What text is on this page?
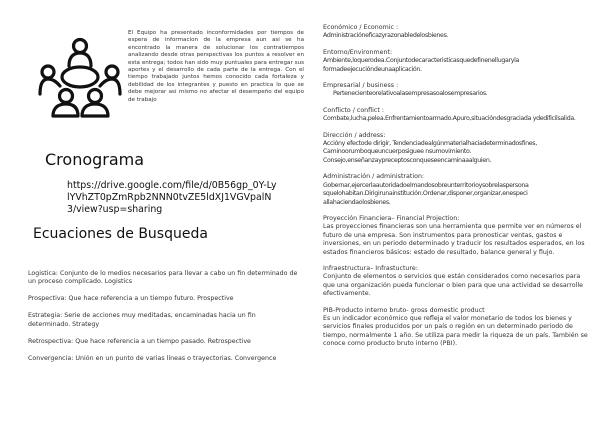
El Equipo ha presentado inconformidades por tiempos de espera de informacion de la empresa aun asi se ha encontrado la manera de solucionar los contratiempos analizando desde otras perspectivas los puntos a resolver en esta entrega; todos han sido muy puntuales para entregar sus aportes y el desarrollo de cada parte de la entrega. Con el tiempo trabajado juntos hemos conocido cada fortaleza y debilidad de los integrantes y puesto en practica lo que se debe mejorar asi mismo no afectar el desempeño del equipo de trabajo
Cronograma
https://drive.google.com/file/d/0B56gp_0Y-LylYVhZT0pZmRpb2NNN0tvZE5ldXJ1VGVpalN3/view?usp=sharing
Ecuaciones de Busqueda
Logistica: Conjunto de lo medios necesarios para llevar a cabo un fin determinado de un proceso complicado. Logistics
Prospectiva: Que hace referencia a un tiempo futuro. Prospective
Estrategia: Serie de acciones muy meditadas, encaminadas hacia un fin determinado. Strategy
Retrospectiva: Que hace referencia a un tiempo pasado. Retrospective
Convergencia: Unión en un punto de varias líneas o trayectorias. Convergence
Económico / Economic :
Administracióneficazyrazonabledelosbienes.
Entorno/Environment:
Ambiente,loquerodea.Conjuntodecaracteristicasquedefinenellugaryla formadeejecucióndeunaaplicación.
Empresarial / business :
Pertenecienteorelativoalasempresasoalosempresarios.
Conflicto / conflict :
Combate,lucha,pelea.Enfrentamientoarmado.Apuro,situacióndesgraciada ydedificilsalida.
Dirección / address:
Accióny efectode dirigir, Tendenciadealgúnmaterialhaciadeterminadosfines, Caminoorumboqueuncuerposiguee nsumovimiento. Consejo,enseñanzaypreceptosconqueseencaminaaalguien.
Administración / administration:
Gobernar,ejercerlaautoridadoelmandosobreunterritorioysobrelaspersona squelohabitan.Dirigirunainstitución.Ordenar,disponer,organizar,enespeci allahaciendaolosbienes.
Proyección Financiera– Financial Projection:
Las proyecciones financieras son una herramienta que permite ver en números el futuro de una empresa. Son instrumentos para pronosticar ventas, gastos e inversiones, en un periodo determinado y traducir los resultados esperados, en los estados financieros básicos: estado de resultado, balance general y flujo.
Infraestructura– Infrastucture:
Conjunto de elementos o servicios que están considerados como necesarios para que una organización pueda funcionar o bien para que una actividad se desarrolle efectivamente.
PIB-Producto interno bruto- gross domestic product
Es un indicador económico que refleja el valor monetario de todos los bienes y servicios finales producidos por un país o región en un determinado periodo de tiempo, normalmente 1 año. Se utiliza para medir la riqueza de un país. También se conoce como producto bruto interno (PBI).
